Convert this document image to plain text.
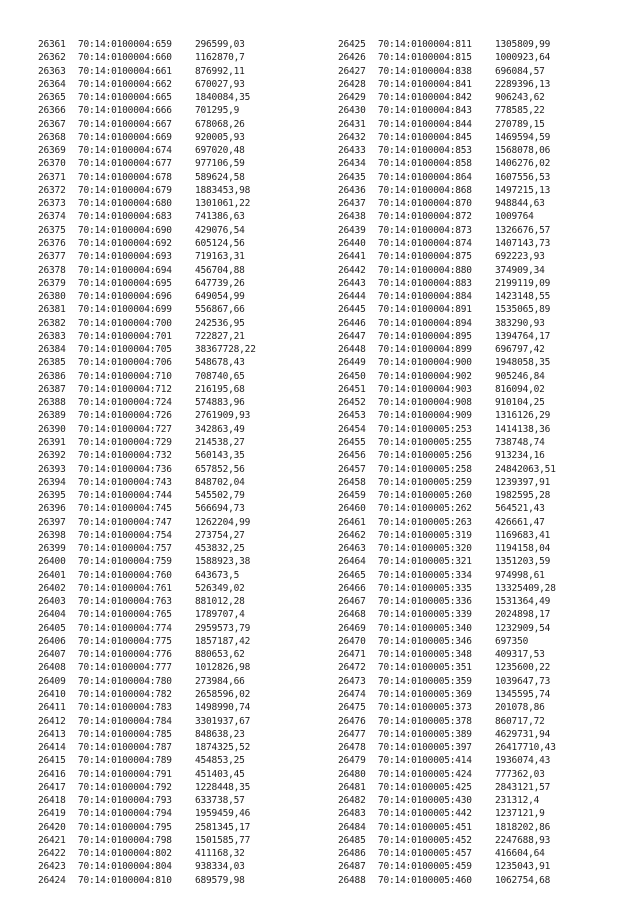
26361	70:14:0100004:659	296599,03
26362	70:14:0100004:660	1162870,7
26363	70:14:0100004:661	876992,11
26364	70:14:0100004:662	670027,93
26365	70:14:0100004:665	1840084,35
26366	70:14:0100004:666	701295,9
26367	70:14:0100004:667	678068,26
26368	70:14:0100004:669	920005,93
26369	70:14:0100004:674	697020,48
26370	70:14:0100004:677	977106,59
26371	70:14:0100004:678	589624,58
26372	70:14:0100004:679	1883453,98
26373	70:14:0100004:680	1301061,22
26374	70:14:0100004:683	741386,63
26375	70:14:0100004:690	429076,54
26376	70:14:0100004:692	605124,56
26377	70:14:0100004:693	719163,31
26378	70:14:0100004:694	456704,88
26379	70:14:0100004:695	647739,26
26380	70:14:0100004:696	649054,99
26381	70:14:0100004:699	556867,66
26382	70:14:0100004:700	242536,95
26383	70:14:0100004:701	722827,21
26384	70:14:0100004:705	38367728,22
26385	70:14:0100004:706	548678,43
26386	70:14:0100004:710	708740,65
26387	70:14:0100004:712	216195,68
26388	70:14:0100004:724	574883,96
26389	70:14:0100004:726	2761909,93
26390	70:14:0100004:727	342863,49
26391	70:14:0100004:729	214538,27
26392	70:14:0100004:732	560143,35
26393	70:14:0100004:736	657852,56
26394	70:14:0100004:743	848702,04
26395	70:14:0100004:744	545502,79
26396	70:14:0100004:745	566694,73
26397	70:14:0100004:747	1262204,99
26398	70:14:0100004:754	273754,27
26399	70:14:0100004:757	453832,25
26400	70:14:0100004:759	1588923,38
26401	70:14:0100004:760	643673,5
26402	70:14:0100004:761	526349,02
26403	70:14:0100004:763	881012,28
26404	70:14:0100004:765	1789707,4
26405	70:14:0100004:774	2959573,79
26406	70:14:0100004:775	1857187,42
26407	70:14:0100004:776	880653,62
26408	70:14:0100004:777	1012826,98
26409	70:14:0100004:780	273984,66
26410	70:14:0100004:782	2658596,02
26411	70:14:0100004:783	1498990,74
26412	70:14:0100004:784	3301937,67
26413	70:14:0100004:785	848638,23
26414	70:14:0100004:787	1874325,52
26415	70:14:0100004:789	454853,25
26416	70:14:0100004:791	451403,45
26417	70:14:0100004:792	1228448,35
26418	70:14:0100004:793	633738,57
26419	70:14:0100004:794	1959459,46
26420	70:14:0100004:795	2581345,17
26421	70:14:0100004:798	1501585,77
26422	70:14:0100004:802	411168,32
26423	70:14:0100004:804	938334,03
26424	70:14:0100004:810	689579,98
26425	70:14:0100004:811	1305809,99
26426	70:14:0100004:815	1000923,64
26427	70:14:0100004:838	696084,57
26428	70:14:0100004:841	2289396,13
26429	70:14:0100004:842	906243,62
26430	70:14:0100004:843	778585,22
26431	70:14:0100004:844	270789,15
26432	70:14:0100004:845	1469594,59
26433	70:14:0100004:853	1568078,06
26434	70:14:0100004:858	1406276,02
26435	70:14:0100004:864	1607556,53
26436	70:14:0100004:868	1497215,13
26437	70:14:0100004:870	948844,63
26438	70:14:0100004:872	1009764
26439	70:14:0100004:873	1326676,57
26440	70:14:0100004:874	1407143,73
26441	70:14:0100004:875	692223,93
26442	70:14:0100004:880	374909,34
26443	70:14:0100004:883	2199119,09
26444	70:14:0100004:884	1423148,55
26445	70:14:0100004:891	1535065,89
26446	70:14:0100004:894	383290,93
26447	70:14:0100004:895	1394764,17
26448	70:14:0100004:899	696797,42
26449	70:14:0100004:900	1948058,35
26450	70:14:0100004:902	905246,84
26451	70:14:0100004:903	816094,02
26452	70:14:0100004:908	910104,25
26453	70:14:0100004:909	1316126,29
26454	70:14:0100005:253	1414138,36
26455	70:14:0100005:255	738748,74
26456	70:14:0100005:256	913234,16
26457	70:14:0100005:258	24842063,51
26458	70:14:0100005:259	1239397,91
26459	70:14:0100005:260	1982595,28
26460	70:14:0100005:262	564521,43
26461	70:14:0100005:263	426661,47
26462	70:14:0100005:319	1169683,41
26463	70:14:0100005:320	1194158,04
26464	70:14:0100005:321	1351203,59
26465	70:14:0100005:334	974998,61
26466	70:14:0100005:335	13325409,28
26467	70:14:0100005:336	1531364,49
26468	70:14:0100005:339	2024898,17
26469	70:14:0100005:340	1232909,54
26470	70:14:0100005:346	697350
26471	70:14:0100005:348	409317,53
26472	70:14:0100005:351	1235600,22
26473	70:14:0100005:359	1039647,73
26474	70:14:0100005:369	1345595,74
26475	70:14:0100005:373	201078,86
26476	70:14:0100005:378	860717,72
26477	70:14:0100005:389	4629731,94
26478	70:14:0100005:397	26417710,43
26479	70:14:0100005:414	1936074,43
26480	70:14:0100005:424	777362,03
26481	70:14:0100005:425	2843121,57
26482	70:14:0100005:430	231312,4
26483	70:14:0100005:442	1237121,9
26484	70:14:0100005:451	1818202,86
26485	70:14:0100005:452	2247688,93
26486	70:14:0100005:457	416604,64
26487	70:14:0100005:459	1235043,91
26488	70:14:0100005:460	1062754,68
